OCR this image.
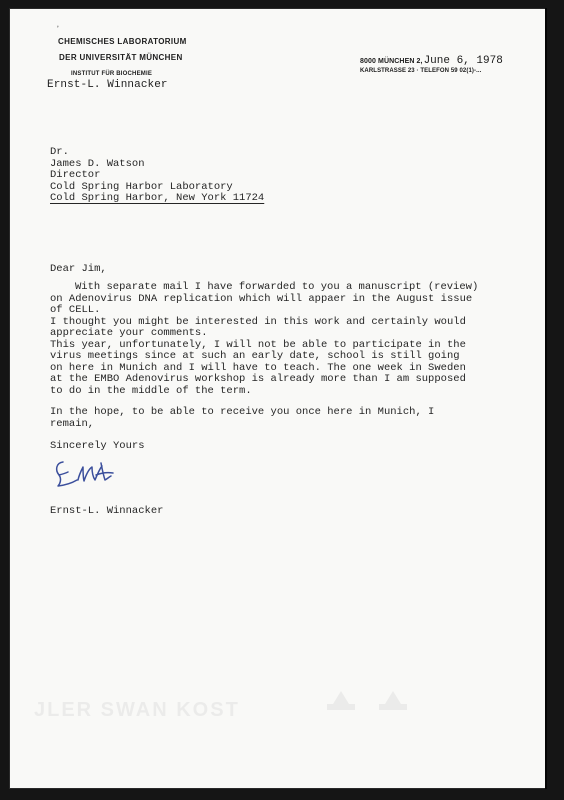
JLER SWAN KOST
ʼ
CHEMISCHES LABORATORIUM
DER UNIVERSITÄT MÜNCHEN
INSTITUT FÜR BIOCHEMIE
Ernst-L. Winnacker
8000 MÜNCHEN 2, June 6, 1978
KARLSTRASSE 23 · TELEFON 59 02(1)-...
Dr.
James D. Watson
Director
Cold Spring Harbor Laboratory
Cold Spring Harbor, New York 11724
Dear Jim,
With separate mail I have forwarded to you a manuscript (review)
on Adenovirus DNA replication which will appaer in the August issue
of CELL.
I thought you might be interested in this work and certainly would
appreciate your comments.
This year, unfortunately, I will not be able to participate in the
virus meetings since at such an early date, school is still going
on here in Munich and I will have to teach. The one week in Sweden
at the EMBO Adenovirus workshop is already more than I am supposed
to do in the middle of the term.
In the hope, to be able to receive you once here in Munich, I
remain,
Sincerely Yours
Ernst-L. Winnacker
